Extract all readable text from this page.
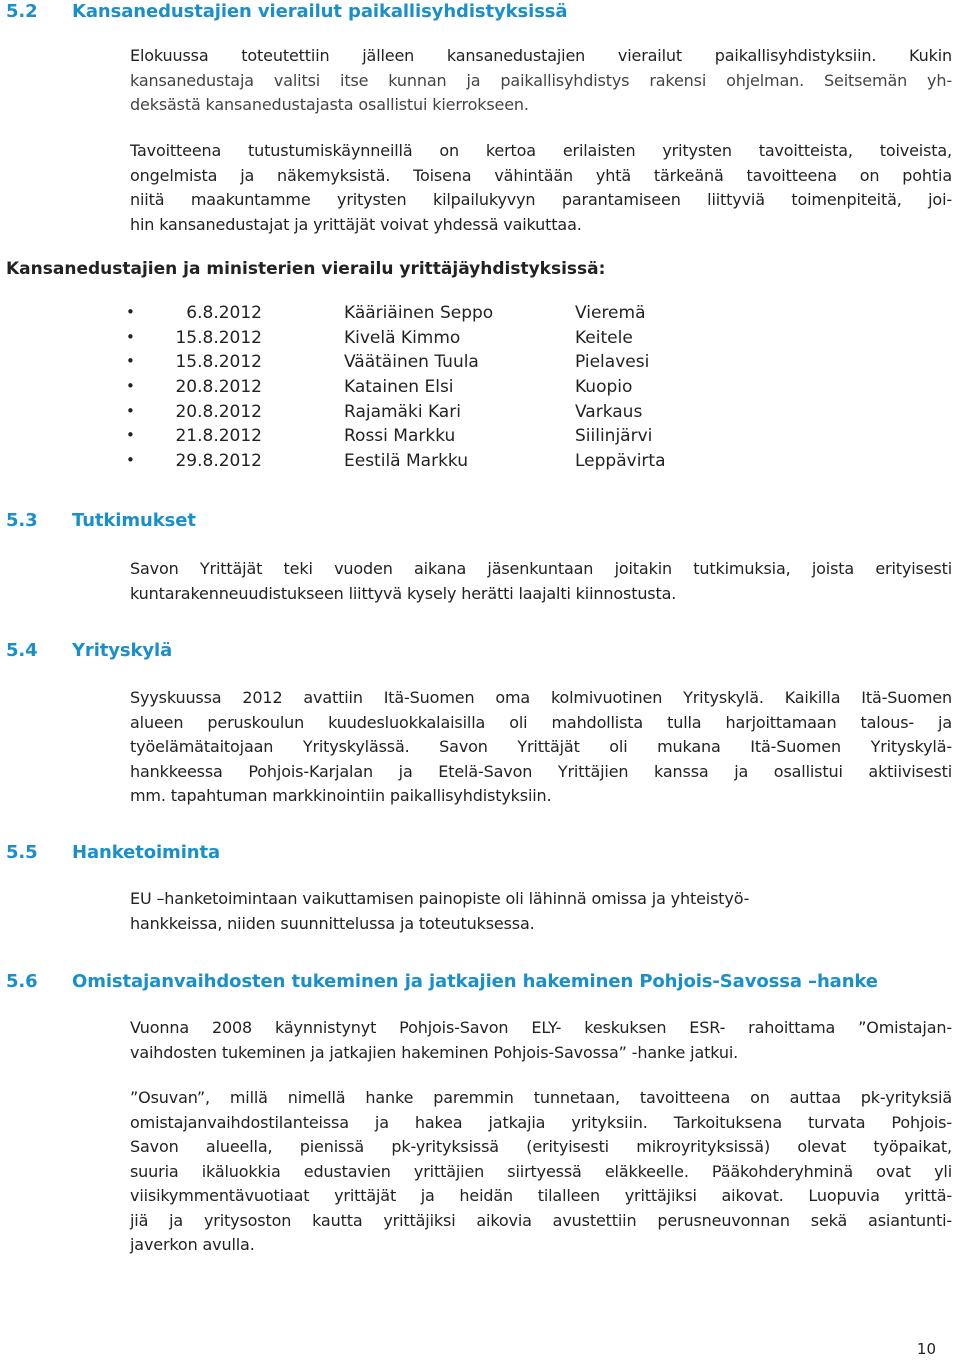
5.2 Kansanedustajien vierailut paikallisyhdistyksissä
Elokuussa toteutettiin jälleen kansanedustajien vierailut paikallisyhdistyksiin. Kukin
kansanedustaja valitsi itse kunnan ja paikallisyhdistys rakensi ohjelman. Seitsemän yh-
deksästä kansanedustajasta osallistui kierrokseen.
Tavoitteena tutustumiskäynneillä on kertoa erilaisten yritysten tavoitteista, toiveista,
ongelmista ja näkemyksistä. Toisena vähintään yhtä tärkeänä tavoitteena on pohtia
niitä maakuntamme yritysten kilpailukyvyn parantamiseen liittyviä toimenpiteitä, joi-
hin kansanedustajat ja yrittäjät voivat yhdessä vaikuttaa.
Kansanedustajien ja ministerien vierailu yrittäjäyhdistyksissä:
•	6.8.2012	Kääriäinen Seppo	Vieremä
•	15.8.2012	Kivelä Kimmo	Keitele
•	15.8.2012	Väätäinen Tuula	Pielavesi
•	20.8.2012	Katainen Elsi	Kuopio
•	20.8.2012	Rajamäki Kari	Varkaus
•	21.8.2012	Rossi Markku	Siilinjärvi
•	29.8.2012	Eestilä Markku	Leppävirta
5.3 Tutkimukset
Savon Yrittäjät teki vuoden aikana jäsenkuntaan joitakin tutkimuksia, joista erityisesti
kuntarakenneuudistukseen liittyvä kysely herätti laajalti kiinnostusta.
5.4 Yrityskylä
Syyskuussa 2012 avattiin Itä-Suomen oma kolmivuotinen Yrityskylä. Kaikilla Itä-Suomen
alueen peruskoulun kuudesluokkalaisilla oli mahdollista tulla harjoittamaan talous- ja
työelämätaitojaan Yrityskylässä. Savon Yrittäjät oli mukana Itä-Suomen Yrityskylä-
hankkeessa Pohjois-Karjalan ja Etelä-Savon Yrittäjien kanssa ja osallistui aktiivisesti
mm. tapahtuman markkinointiin paikallisyhdistyksiin.
5.5 Hanketoiminta
EU –hanketoimintaan vaikuttamisen painopiste oli lähinnä omissa ja yhteistyö-
hankkeissa, niiden suunnittelussa ja toteutuksessa.
5.6 Omistajanvaihdosten tukeminen ja jatkajien hakeminen Pohjois-Savossa –hanke
Vuonna 2008 käynnistynyt Pohjois-Savon ELY- keskuksen ESR- rahoittama ”Omistajan-
vaihdosten tukeminen ja jatkajien hakeminen Pohjois-Savossa” -hanke jatkui.
”Osuvan”, millä nimellä hanke paremmin tunnetaan, tavoitteena on auttaa pk-yrityksiä
omistajanvaihdostilanteissa ja hakea jatkajia yrityksiin. Tarkoituksena turvata Pohjois-
Savon alueella, pienissä pk-yrityksissä (erityisesti mikroyrityksissä) olevat työpaikat,
suuria ikäluokkia edustavien yrittäjien siirtyessä eläkkeelle. Pääkohderyhminä ovat yli
viisikymmentävuotiaat yrittäjät ja heidän tilalleen yrittäjiksi aikovat. Luopuvia yrittä-
jiä ja yritysoston kautta yrittäjiksi aikovia avustettiin perusneuvonnan sekä asiantunti-
javerkon avulla.
10
